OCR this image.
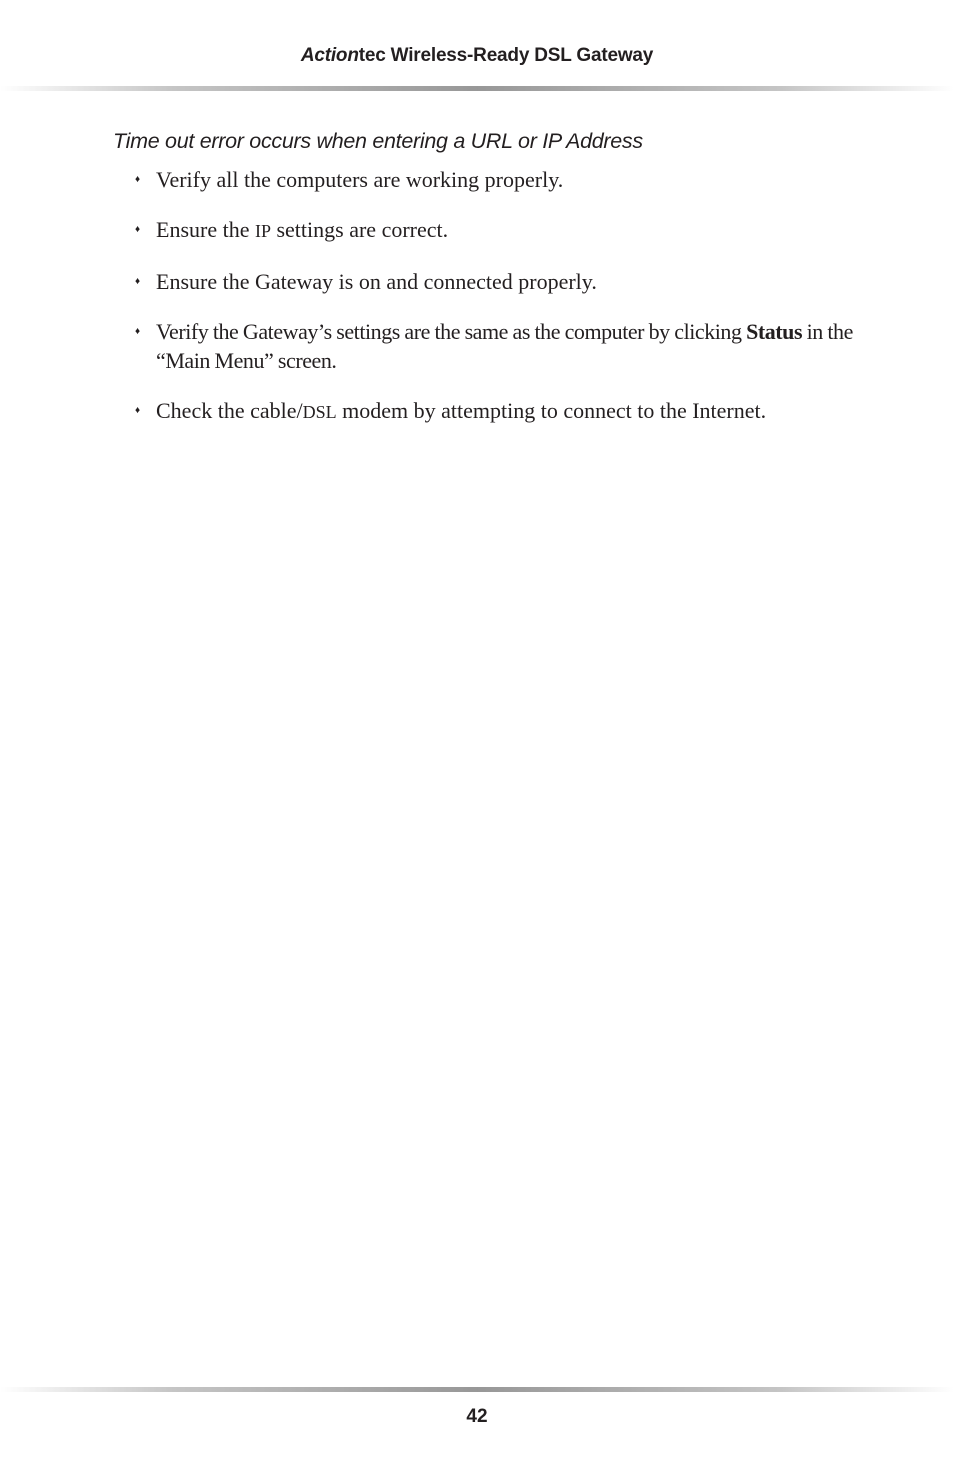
Actiontec Wireless-Ready DSL Gateway
Time out error occurs when entering a URL or IP Address
♦ Verify all the computers are working properly.
♦ Ensure the IP settings are correct.
♦ Ensure the Gateway is on and connected properly.
♦ Verify the Gateway’s settings are the same as the computer by clicking Status in the “Main Menu” screen.
♦ Check the cable/DSL modem by attempting to connect to the Internet.
42
